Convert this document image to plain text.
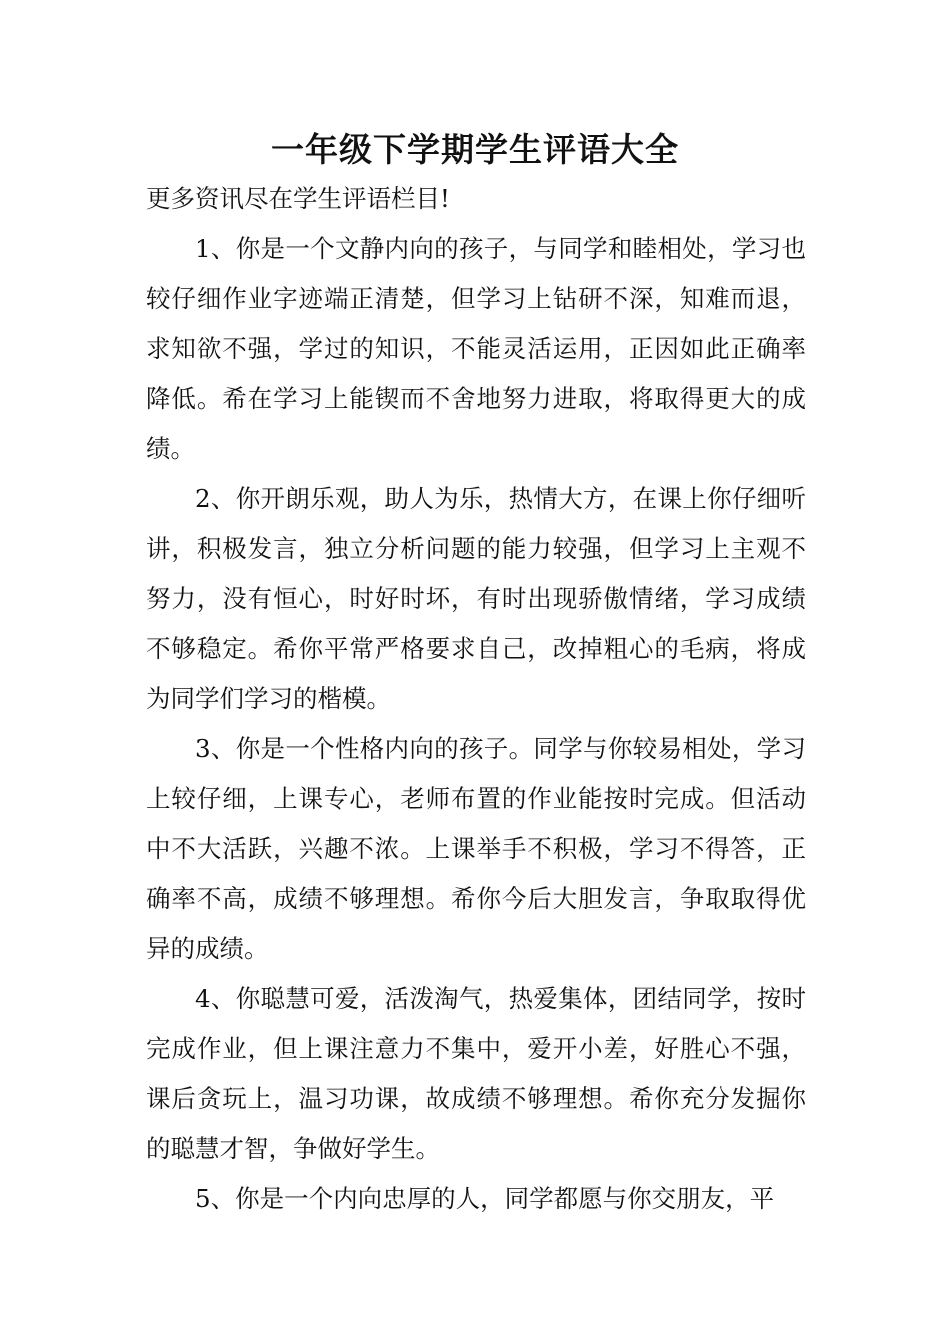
一年级下学期学生评语大全

更多资讯尽在学生评语栏目!

1、你是一个文静内向的孩子，与同学和睦相处，学习也较仔细作业字迹端正清楚，但学习上钻研不深，知难而退，求知欲不强，学过的知识，不能灵活运用，正因如此正确率降低。希在学习上能锲而不舍地努力进取，将取得更大的成绩。

2、你开朗乐观，助人为乐，热情大方，在课上你仔细听讲，积极发言，独立分析问题的能力较强，但学习上主观不努力，没有恒心，时好时坏，有时出现骄傲情绪，学习成绩不够稳定。希你平常严格要求自己，改掉粗心的毛病，将成为同学们学习的楷模。

3、你是一个性格内向的孩子。同学与你较易相处，学习上较仔细，上课专心，老师布置的作业能按时完成。但活动中不大活跃，兴趣不浓。上课举手不积极，学习不得答，正确率不高，成绩不够理想。希你今后大胆发言，争取取得优异的成绩。

4、你聪慧可爱，活泼淘气，热爱集体，团结同学，按时完成作业，但上课注意力不集中，爱开小差，好胜心不强，课后贪玩上，温习功课，故成绩不够理想。希你充分发掘你的聪慧才智，争做好学生。

5、你是一个内向忠厚的人，同学都愿与你交朋友，平
